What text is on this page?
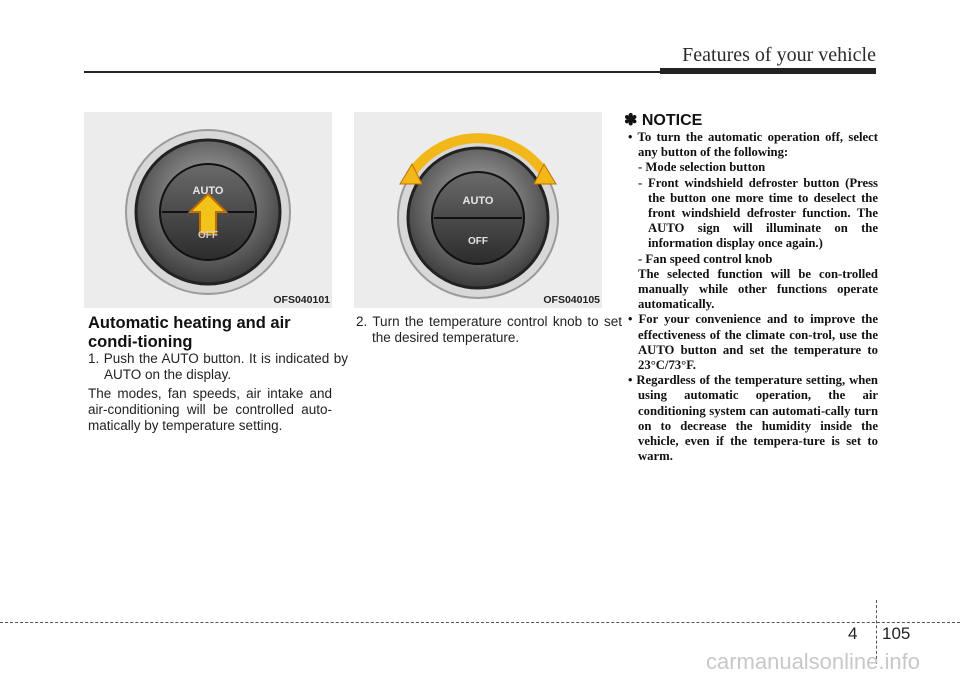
Features of your vehicle
AUTO
OFF
OFS040101
AUTO
OFF
OFS040105
Automatic heating and air condi-tioning
1. Push the AUTO button. It is indicated by AUTO on the display.
The modes, fan speeds, air intake and air-conditioning will be controlled auto-matically by temperature setting.
2. Turn the temperature control knob to set the desired temperature.
✽ NOTICE

• To turn the automatic operation off, select any button of the following:

- Mode selection button

- Front windshield defroster button (Press the button one more time to deselect the front windshield defroster function. The AUTO sign will illuminate on the information display once again.)

- Fan speed control knob

The selected function will be con-trolled manually while other functions operate automatically.

• For your convenience and to improve the effectiveness of the climate con-trol, use the AUTO button and set the temperature to 23°C/73°F.

• Regardless of the temperature setting, when using automatic operation, the air conditioning system can automati-cally turn on to decrease the humidity inside the vehicle, even if the tempera-ture is set to warm.

4 105
carmanualsonline.info
